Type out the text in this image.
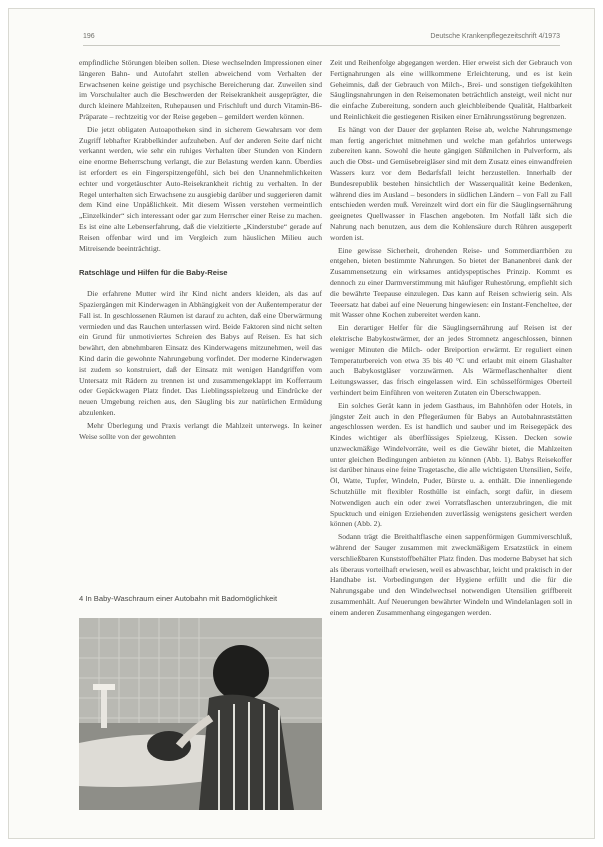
196	Deutsche Krankenpflegezeitschrift 4/1973

empfindliche Störungen bleiben sollen. Diese wechselnden Impressionen einer längeren Bahn- und Autofahrt stellen abweichend vom Verhalten der Erwachsenen keine geistige und psychische Bereicherung dar. Zuweilen sind im Vorschulalter auch die Beschwerden der Reisekrankheit ausgeprägter, die durch kleinere Mahlzeiten, Ruhepausen und Frischluft und durch Vitamin-B6-Präparate – rechtzeitig vor der Reise gegeben – gemildert werden können.

Die jetzt obligaten Autoapotheken sind in sicherem Gewahrsam vor dem Zugriff lebhafter Krabbelkinder aufzuheben. Auf der anderen Seite darf nicht verkannt werden, wie sehr ein ruhiges Verhalten über Stunden von Kindern eine enorme Beherrschung verlangt, die zur Belastung werden kann. Überdies ist erfordert es ein Fingerspitzengefühl, sich bei den Unannehmlichkeiten echter und vorgetäuschter Auto-Reisekrankheit richtig zu verhalten. In der Regel unterhalten sich Erwachsene zu ausgiebig darüber und suggerieren damit dem Kind eine Unpäßlichkeit. Mit diesem Wissen verstehen vermeintlich „Einzelkinder“ sich interessant oder gar zum Herrscher einer Reise zu machen. Es ist eine alte Lebenserfahrung, daß die vielzitierte „Kinderstube“ gerade auf Reisen offenbar wird und im Vergleich zum häuslichen Milieu auch Mitreisende beeinträchtigt.

Ratschläge und Hilfen für die Baby-Reise

Die erfahrene Mutter wird ihr Kind nicht anders kleiden, als das auf Spaziergängen mit Kinderwagen in Abhängigkeit von der Außentemperatur der Fall ist. In geschlossenen Räumen ist darauf zu achten, daß eine Überwärmung vermieden und das Rauchen unterlassen wird. Beide Faktoren sind nicht selten ein Grund für unmotiviertes Schreien des Babys auf Reisen. Es hat sich bewährt, den abnehmbaren Einsatz des Kinderwagens mitzunehmen, weil das Kind darin die gewohnte Nahrungebung vorfindet. Der moderne Kinderwagen ist zudem so konstruiert, daß der Einsatz mit wenigen Handgriffen vom Untersatz mit Rädern zu trennen ist und zusammengeklappt im Kofferraum oder Gepäckwagen Platz findet. Das Lieblingsspielzeug und Eindrücke der neuen Umgebung reichen aus, den Säugling bis zur natürlichen Ermüdung abzulenken.

Mehr Überlegung und Praxis verlangt die Mahlzeit unterwegs. In keiner Weise sollte von der gewohnten

4 In Baby-Waschraum einer Autobahn mit Badomöglichkeit

Zeit und Reihenfolge abgegangen werden. Hier erweist sich der Gebrauch von Fertignahrungen als eine willkommene Erleichterung, und es ist kein Geheimnis, daß der Gebrauch von Milch-, Brei- und sonstigen tiefgekühlten Säuglingsnahrungen in den Reisemonaten beträchtlich ansteigt, weil nicht nur die einfache Zubereitung, sondern auch gleichbleibende Qualität, Haltbarkeit und Reinlichkeit die gestiegenen Risiken einer Ernährungsstörung begrenzen.

Es hängt von der Dauer der geplanten Reise ab, welche Nahrungsmenge man fertig angerichtet mitnehmen und welche man gefahrlos unterwegs zubereiten kann. Sowohl die heute gängigen Süßmilchen in Pulverform, als auch die Obst- und Gemüsebreigläser sind mit dem Zusatz eines einwandfreien Wassers kurz vor dem Bedarfsfall leicht herzustellen. Innerhalb der Bundesrepublik bestehen hinsichtlich der Wasserqualität keine Bedenken, während dies im Ausland – besonders in südlichen Ländern – von Fall zu Fall entschieden werden muß. Vereinzelt wird dort ein für die Säuglingsernährung geeignetes Quellwasser in Flaschen angeboten. Im Notfall läßt sich die Nahrung nach benutzen, aus dem die Kohlensäure durch Rühren ausgeperlt worden ist.

Eine gewisse Sicherheit, drohenden Reise- und Sommerdiarrhöen zu entgehen, bieten bestimmte Nahrungen. So bietet der Bananenbrei dank der Zusammensetzung ein wirksames antidyspeptisches Prinzip. Kommt es dennoch zu einer Darmverstimmung mit häufiger Ruhestörung, empfiehlt sich die bewährte Teepause einzulegen. Das kann auf Reisen schwierig sein. Als Teeersatz hat dabei auf eine Neuerung hingewiesen: ein Instant-Fencheltee, der mit Wasser ohne Kochen zubereitet werden kann.

Ein derartiger Helfer für die Säuglingsernährung auf Reisen ist der elektrische Babykostwärmer, der an jedes Stromnetz angeschlossen, binnen weniger Minuten die Milch- oder Breiportion erwärmt. Er reguliert einen Temperaturbereich von etwa 35 bis 40 °C und erlaubt mit einem Glashalter auch Babykostgläser vorzuwärmen. Als Wärmeflaschenhalter dient Leitungswasser, das frisch eingelassen wird. Ein schüsselförmiges Oberteil verhindert beim Einführen von weiteren Zutaten ein Überschwappen.

Ein solches Gerät kann in jedem Gasthaus, im Bahnhöfen oder Hotels, in jüngster Zeit auch in den Pflegeräumen für Babys an Autobahnraststätten angeschlossen werden. Es ist handlich und sauber und im Reisegepäck des Kindes wichtiger als überflüssiges Spielzeug, Kissen. Decken sowie unzweckmäßige Windelvorräte, weil es die Gewähr bietet, die Mahlzeiten unter gleichen Bedingungen anbieten zu können (Abb. 1). Babys Reisekoffer ist darüber hinaus eine feine Tragetasche, die alle wichtigsten Utensilien, Seife, Öl, Watte, Tupfer, Windeln, Puder, Bürste u. a. enthält. Die innenliegende Schutzhülle mit flexibler Rosthülle ist einfach, sorgt dafür, in diesem Notwendigen auch ein oder zwei Vorratsflaschen unterzubringen, die mit Spucktuch und einigen Erziehenden zuverlässig wenigstens gesichert werden können (Abb. 2).

Sodann trägt die Breithaltflasche einen sappenförmigen Gummiverschluß, während der Sauger zusammen mit zweckmäßigem Ersatzstück in einem verschließbaren Kunststoffbehälter Platz finden. Das moderne Babyset hat sich als überaus vorteilhaft erwiesen, weil es abwaschbar, leicht und praktisch in der Handhabe ist. Vorbedingungen der Hygiene erfüllt und die für die Nahrungsgabe und den Windelwechsel notwendigen Utensilien griffbereit zusammenhält. Auf Neuerungen bewährter Windeln und Windelanlagen soll in einem anderen Zusammenhang eingegangen werden.
